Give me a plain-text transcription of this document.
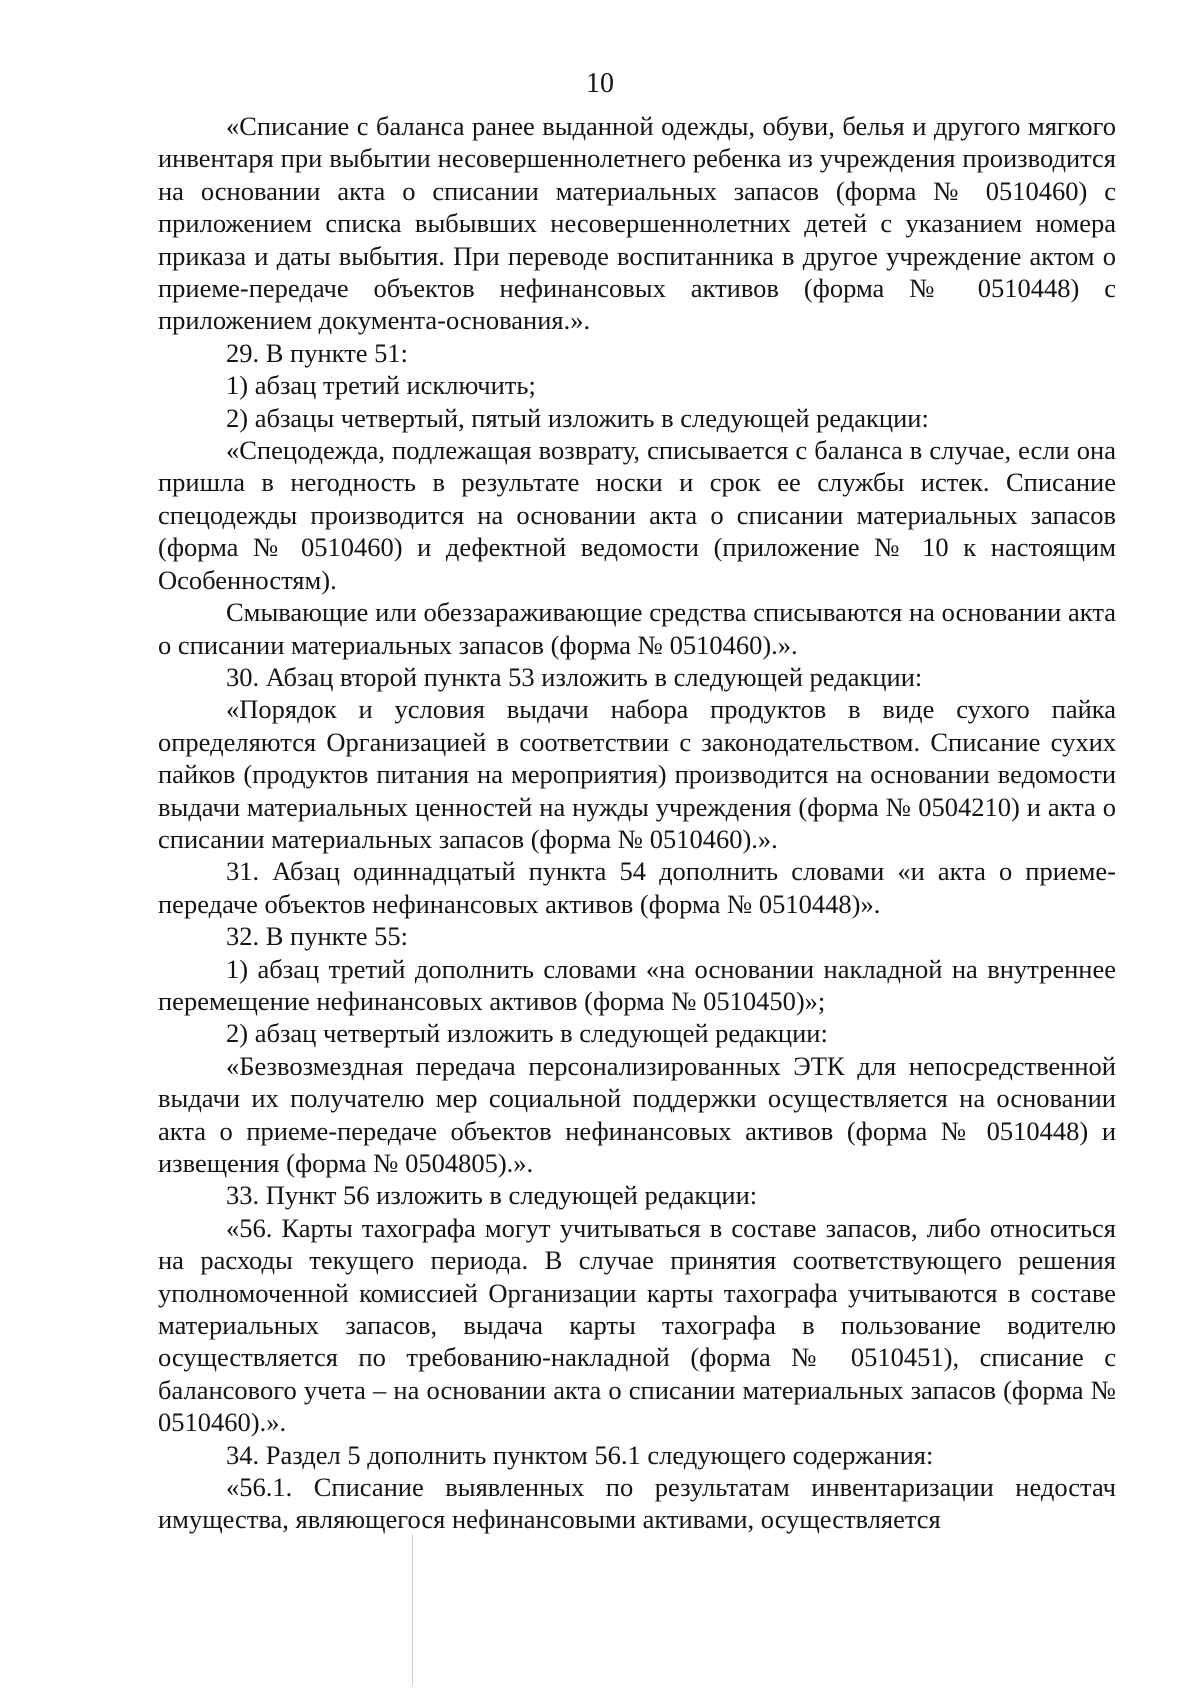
10

«Списание с баланса ранее выданной одежды, обуви, белья и другого мягкого инвентаря при выбытии несовершеннолетнего ребенка из учреждения производится на основании акта о списании материальных запасов (форма № 0510460) с приложением списка выбывших несовершеннолетних детей с указанием номера приказа и даты выбытия. При переводе воспитанника в другое учреждение актом о приеме-передаче объектов нефинансовых активов (форма № 0510448) с приложением документа-основания.».

29. В пункте 51:

1) абзац третий исключить;

2) абзацы четвертый, пятый изложить в следующей редакции:

«Спецодежда, подлежащая возврату, списывается с баланса в случае, если она пришла в негодность в результате носки и срок ее службы истек. Списание спецодежды производится на основании акта о списании материальных запасов (форма № 0510460) и дефектной ведомости (приложение № 10 к настоящим Особенностям).

Смывающие или обеззараживающие средства списываются на основании акта о списании материальных запасов (форма № 0510460).».

30. Абзац второй пункта 53 изложить в следующей редакции:

«Порядок и условия выдачи набора продуктов в виде сухого пайка определяются Организацией в соответствии с законодательством. Списание сухих пайков (продуктов питания на мероприятия) производится на основании ведомости выдачи материальных ценностей на нужды учреждения (форма № 0504210) и акта о списании материальных запасов (форма № 0510460).».

31. Абзац одиннадцатый пункта 54 дополнить словами «и акта о приеме-передаче объектов нефинансовых активов (форма № 0510448)».

32. В пункте 55:

1) абзац третий дополнить словами «на основании накладной на внутреннее перемещение нефинансовых активов (форма № 0510450)»;

2) абзац четвертый изложить в следующей редакции:

«Безвозмездная передача персонализированных ЭТК для непосредственной выдачи их получателю мер социальной поддержки осуществляется на основании акта о приеме-передаче объектов нефинансовых активов (форма № 0510448) и извещения (форма № 0504805).».

33. Пункт 56 изложить в следующей редакции:

«56. Карты тахографа могут учитываться в составе запасов, либо относиться на расходы текущего периода. В случае принятия соответствующего решения уполномоченной комиссией Организации карты тахографа учитываются в составе материальных запасов, выдача карты тахографа в пользование водителю осуществляется по требованию-накладной (форма № 0510451), списание с балансового учета – на основании акта о списании материальных запасов (форма № 0510460).».

34. Раздел 5 дополнить пунктом 56.1 следующего содержания:

«56.1. Списание выявленных по результатам инвентаризации недостач имущества, являющегося нефинансовыми активами, осуществляется
